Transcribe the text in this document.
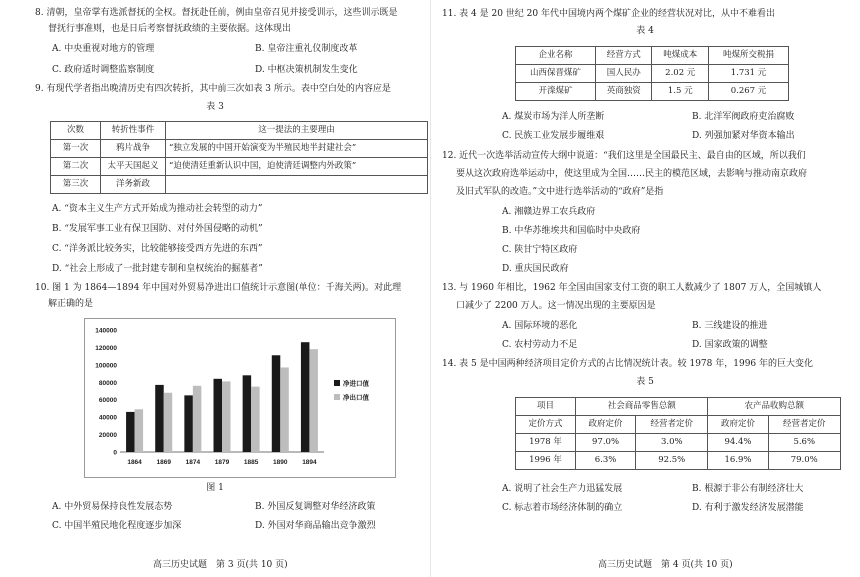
8. 清朝，皇帝掌有选派督抚的全权。督抚赴任前，例由皇帝召见并接受训示，这些训示既是
督抚行事准则，也是日后考察督抚政绩的主要依据。这体现出
A. 中央重视对地方的管理	B. 皇帝注重礼仪制度改革
C. 政府适时调整监察制度	D. 中枢决策机制发生变化
9. 有现代学者指出晚清历史有四次转折，其中前三次如表 3 所示。表中空白处的内容应是
表 3
次数	转折性事件	这一提法的主要理由
第一次	鸦片战争	“独立发展的中国开始演变为半殖民地半封建社会”
第二次	太平天国起义	“迫使清廷重新认识中国，迫使清廷调整内外政策”
第三次	洋务新政	
A. “资本主义生产方式开始成为推动社会转型的动力”
B. “发展军事工业有保卫国防、对付外国侵略的动机”
C. “洋务派比较务实，比较能够接受西方先进的东西”
D. “社会上形成了一批封建专制和皇权统治的掘墓者”
10. 图 1 为 1864—1894 年中国对外贸易净进出口值统计示意图(单位：千海关两)。对此理
解正确的是
0
20000
40000
60000
80000
100000
120000
140000
1864 1869 1874 1879 1885 1890 1894
净进口值
净出口值
图 1
A. 中外贸易保持良性发展态势	B. 外国反复调整对华经济政策
C. 中国半殖民地化程度逐步加深	D. 外国对华商品输出竞争激烈
高三历史试题　第 3 页(共 10 页)
11. 表 4 是 20 世纪 20 年代中国境内两个煤矿企业的经营状况对比，从中不难看出
表 4
企业名称	经营方式	吨煤成本	吨煤所交税捐
山西保晋煤矿	国人民办	2.02 元	1.731 元
开滦煤矿	英商独资	1.5 元	0.267 元
A. 煤炭市场为洋人所垄断	B. 北洋军阀政府吏治腐败
C. 民族工业发展步履维艰	D. 列强加紧对华资本输出
12. 近代一次选举活动宣传大纲中说道：“我们这里是全国最民主、最自由的区域，所以我们
要从这次政府选举运动中，使这里成为全国……民主的模范区域，去影响与推动南京政府
及旧式军队的改造。”文中进行选举活动的“政府”是指
A. 湘赣边界工农兵政府
B. 中华苏维埃共和国临时中央政府
C. 陕甘宁特区政府
D. 重庆国民政府
13. 与 1960 年相比，1962 年全国由国家支付工资的职工人数减少了 1807 万人，全国城镇人
口减少了 2200 万人。这一情况出现的主要原因是
A. 国际环境的恶化	B. 三线建设的推进
C. 农村劳动力不足	D. 国家政策的调整
14. 表 5 是中国两种经济项目定价方式的占比情况统计表。较 1978 年，1996 年的巨大变化
表 5
项目	社会商品零售总额		农产品收购总额	
定价方式	政府定价	经营者定价	政府定价	经营者定价
1978 年	97.0%	3.0%	94.4%	5.6%
1996 年	6.3%	92.5%	16.9%	79.0%
A. 说明了社会生产力迅猛发展	B. 根源于非公有制经济壮大
C. 标志着市场经济体制的确立	D. 有利于激发经济发展潜能
高三历史试题　第 4 页(共 10 页)
